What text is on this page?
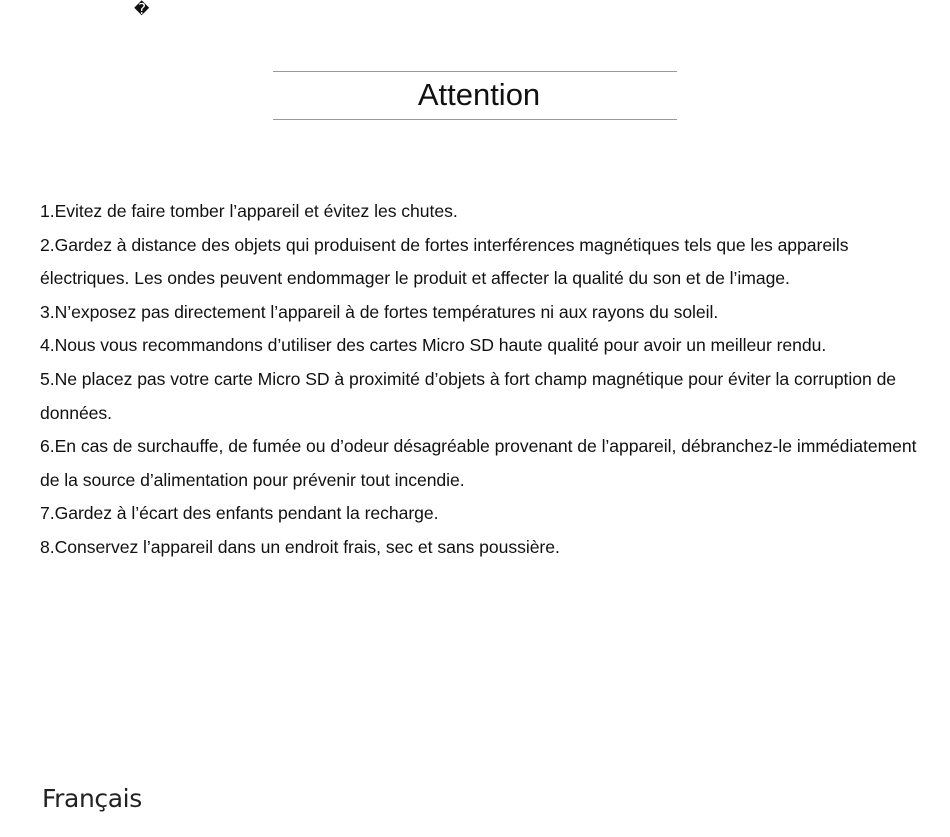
�
Attention
1.Evitez de faire tomber l’appareil et évitez les chutes.
2.Gardez à distance des objets qui produisent de fortes interférences magnétiques tels que les appareils électriques. Les ondes peuvent endommager le produit et affecter la qualité du son et de l’image.
3.N’exposez pas directement l’appareil à de fortes températures ni aux rayons du soleil.
4.Nous vous recommandons d’utiliser des cartes Micro SD haute qualité pour avoir un meilleur rendu.
5.Ne placez pas votre carte Micro SD à proximité d’objets à fort champ magnétique pour éviter la corruption de données.
6.En cas de surchauffe, de fumée ou d’odeur désagréable provenant de l’appareil, débranchez-le immédiatement de la source d’alimentation pour prévenir tout incendie.
7.Gardez à l’écart des enfants pendant la recharge.
8.Conservez l’appareil dans un endroit frais, sec et sans poussière.
Français
